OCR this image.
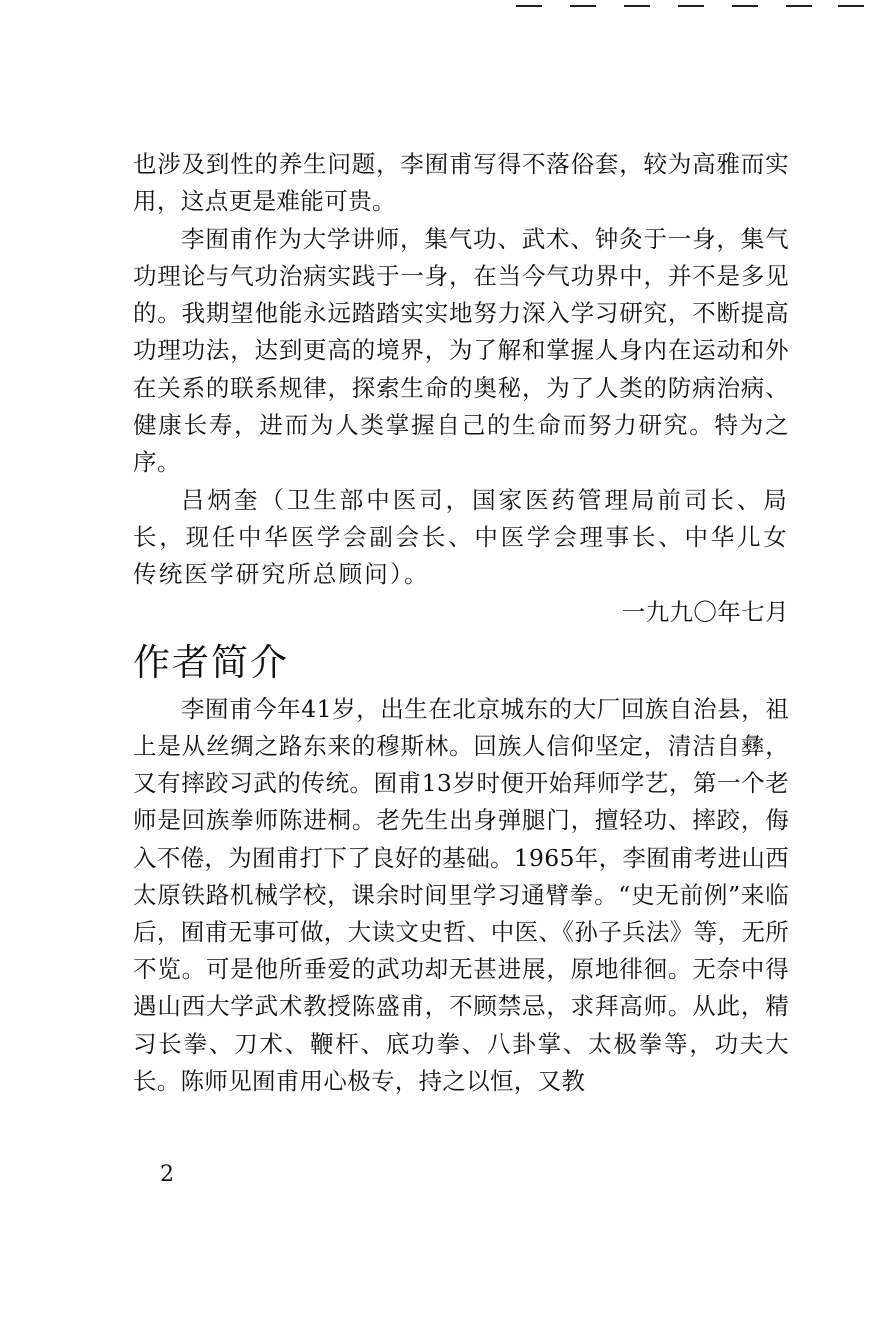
也涉及到性的养生问题，李囿甫写得不落俗套，较为高雅而实用，这点更是难能可贵。

李囿甫作为大学讲师，集气功、武术、钟灸于一身，集气功理论与气功治病实践于一身，在当今气功界中，并不是多见的。我期望他能永远踏踏实实地努力深入学习研究，不断提高功理功法，达到更高的境界，为了解和掌握人身内在运动和外在关系的联系规律，探索生命的奥秘，为了人类的防病治病、健康长寿，进而为人类掌握自己的生命而努力研究。特为之序。

吕炳奎（卫生部中医司，国家医药管理局前司长、局长，现任中华医学会副会长、中医学会理事长、中华儿女传统医学研究所总顾问）。

一九九〇年七月

作者简介

李囿甫今年41岁，出生在北京城东的大厂回族自治县，祖上是从丝绸之路东来的穆斯林。回族人信仰坚定，清洁自彝，又有摔跤习武的传统。囿甫13岁时便开始拜师学艺，第一个老师是回族拳师陈进桐。老先生出身弹腿门，擅轻功、摔跤，侮入不倦，为囿甫打下了良好的基础。1965年，李囿甫考进山西太原铁路机械学校，课余时间里学习通臂拳。“史无前例”来临后，囿甫无事可做，大读文史哲、中医、《孙子兵法》等，无所不览。可是他所垂爱的武功却无甚进展，原地徘徊。无奈中得遇山西大学武术教授陈盛甫，不顾禁忌，求拜高师。从此，精习长拳、刀术、鞭杆、底功拳、八卦掌、太极拳等，功夫大长。陈师见囿甫用心极专，持之以恒，又教

2
